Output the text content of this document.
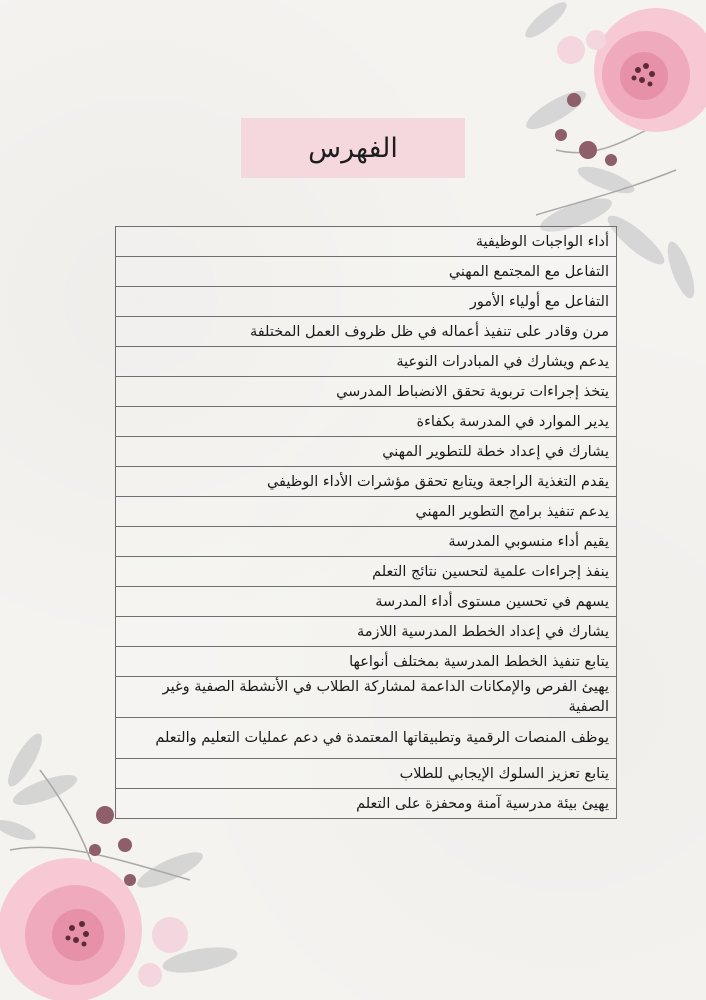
الفهرس
أداء الواجبات الوظيفية
التفاعل مع المجتمع المهني
التفاعل مع أولياء الأمور
مرن وقادر على تنفيذ أعماله في ظل ظروف العمل المختلفة
يدعم ويشارك في المبادرات النوعية
يتخذ إجراءات تربوية تحقق الانضباط المدرسي
يدير الموارد في المدرسة بكفاءة
يشارك في إعداد خطة للتطوير المهني
يقدم التغذية الراجعة ويتابع تحقق مؤشرات الأداء الوظيفي
يدعم تنفيذ برامج التطوير المهني
يقيم أداء منسوبي المدرسة
ينفذ إجراءات علمية لتحسين نتائج التعلم
يسهم في تحسين مستوى أداء المدرسة
يشارك في إعداد الخطط المدرسية اللازمة
يتابع تنفيذ الخطط المدرسية بمختلف أنواعها
يهيئ الفرص والإمكانات الداعمة لمشاركة الطلاب في الأنشطة الصفية وغير الصفية
يوظف المنصات الرقمية وتطبيقاتها المعتمدة في دعم عمليات التعليم والتعلم
يتابع تعزيز السلوك الإيجابي للطلاب
يهيئ بيئة مدرسية آمنة ومحفزة على التعلم
